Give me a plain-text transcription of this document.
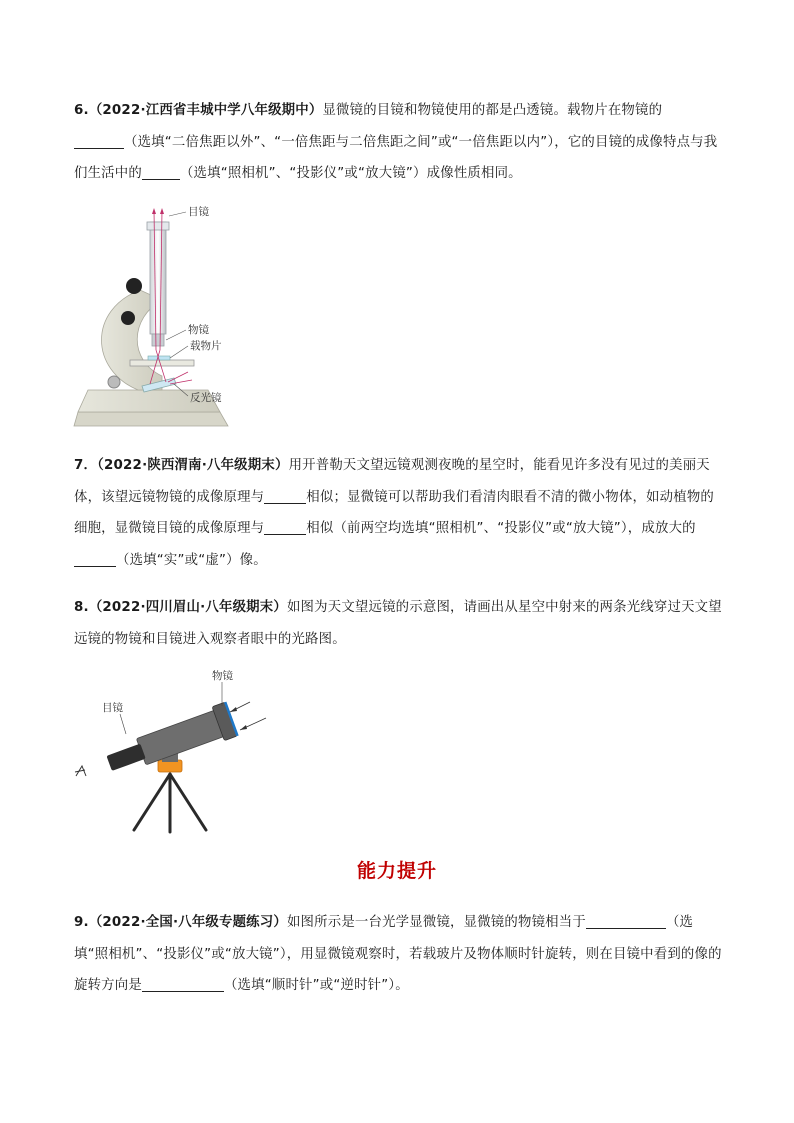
6.（2022·江西省丰城中学八年级期中）显微镜的目镜和物镜使用的都是凸透镜。载物片在物镜的
（选填“二倍焦距以外”、“一倍焦距与二倍焦距之间”或“一倍焦距以内”），它的目镜的成像特点与我们生活中的	（选填“照相机”、“投影仪”或“放大镜”）成像性质相同。
目镜
物镜
载物片
反光镜
7．（2022·陕西渭南·八年级期末）用开普勒天文望远镜观测夜晚的星空时，能看见许多没有见过的美丽天体，该望远镜物镜的成像原理与	相似；显微镜可以帮助我们看清肉眼看不清的微小物体，如动植物的细胞，显微镜目镜的成像原理与	相似（前两空均选填“照相机”、“投影仪”或“放大镜”），成放大的（选填“实”或“虚”）像。
8.（2022·四川眉山·八年级期末）如图为天文望远镜的示意图，请画出从星空中射来的两条光线穿过天文望远镜的物镜和目镜进入观察者眼中的光路图。
物镜
目镜
能力提升
9.（2022·全国·八年级专题练习）如图所示是一台光学显微镜，显微镜的物镜相当于	（选填“照相机”、“投影仪”或“放大镜”），用显微镜观察时，若载玻片及物体顺时针旋转，则在目镜中看到的像的旋转方向是	（选填“顺时针”或“逆时针”）。
